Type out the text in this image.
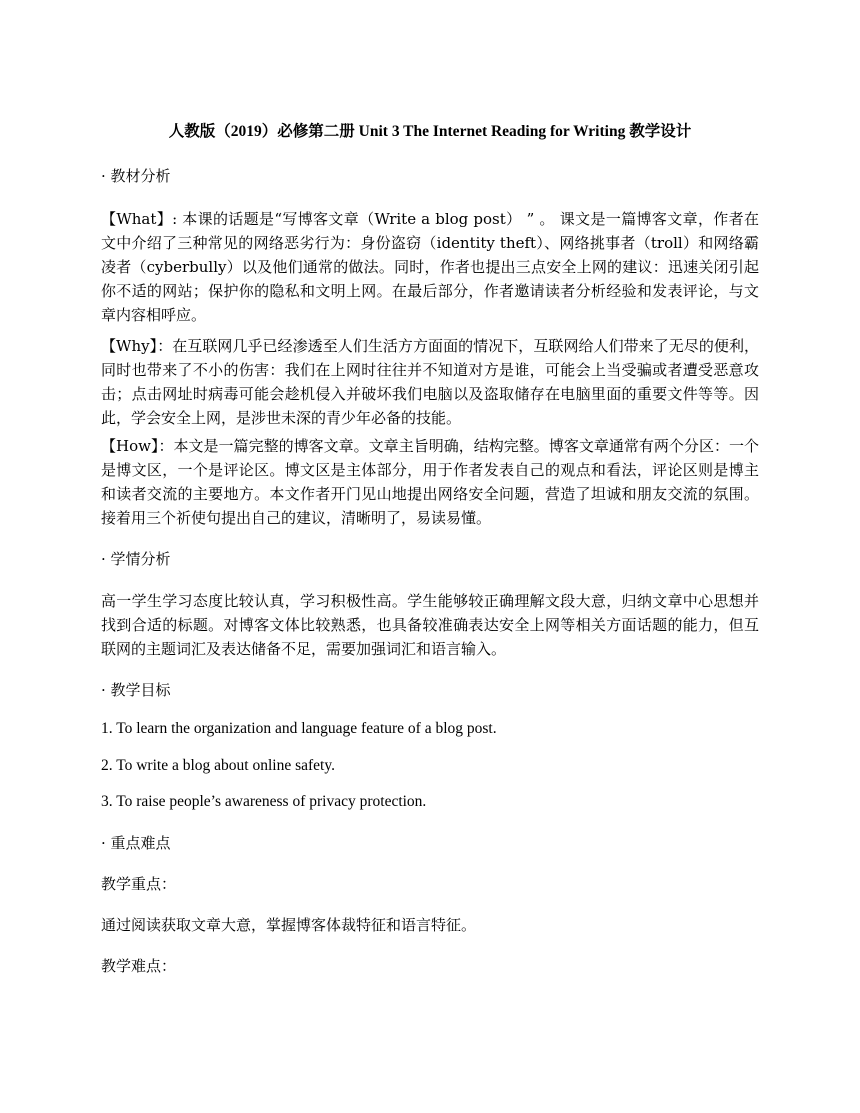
人教版（2019）必修第二册 Unit 3 The Internet Reading for Writing 教学设计
· 教材分析
【What】: 本课的话题是“写博客文章（Write a blog post） ” 。 课文是一篇博客文章，作者在文中介绍了三种常见的网络恶劣行为：身份盗窃（identity theft）、网络挑事者（troll）和网络霸凌者（cyberbully）以及他们通常的做法。同时，作者也提出三点安全上网的建议：迅速关闭引起你不适的网站；保护你的隐私和文明上网。在最后部分，作者邀请读者分析经验和发表评论，与文章内容相呼应。
【Why】：在互联网几乎已经渗透至人们生活方方面面的情况下，互联网给人们带来了无尽的便利，同时也带来了不小的伤害：我们在上网时往往并不知道对方是谁，可能会上当受骗或者遭受恶意攻击；点击网址时病毒可能会趁机侵入并破坏我们电脑以及盗取储存在电脑里面的重要文件等等。因此，学会安全上网，是涉世未深的青少年必备的技能。
【How】：本文是一篇完整的博客文章。文章主旨明确，结构完整。博客文章通常有两个分区：一个是博文区，一个是评论区。博文区是主体部分，用于作者发表自己的观点和看法，评论区则是博主和读者交流的主要地方。本文作者开门见山地提出网络安全问题，营造了坦诚和朋友交流的氛围。接着用三个祈使句提出自己的建议，清晰明了，易读易懂。
· 学情分析
高一学生学习态度比较认真，学习积极性高。学生能够较正确理解文段大意，归纳文章中心思想并找到合适的标题。对博客文体比较熟悉，也具备较准确表达安全上网等相关方面话题的能力，但互联网的主题词汇及表达储备不足，需要加强词汇和语言输入。
· 教学目标
1. To learn the organization and language feature of a blog post.
2. To write a blog about online safety.
3. To raise people’s awareness of privacy protection.
· 重点难点
教学重点：
通过阅读获取文章大意，掌握博客体裁特征和语言特征。
教学难点：
